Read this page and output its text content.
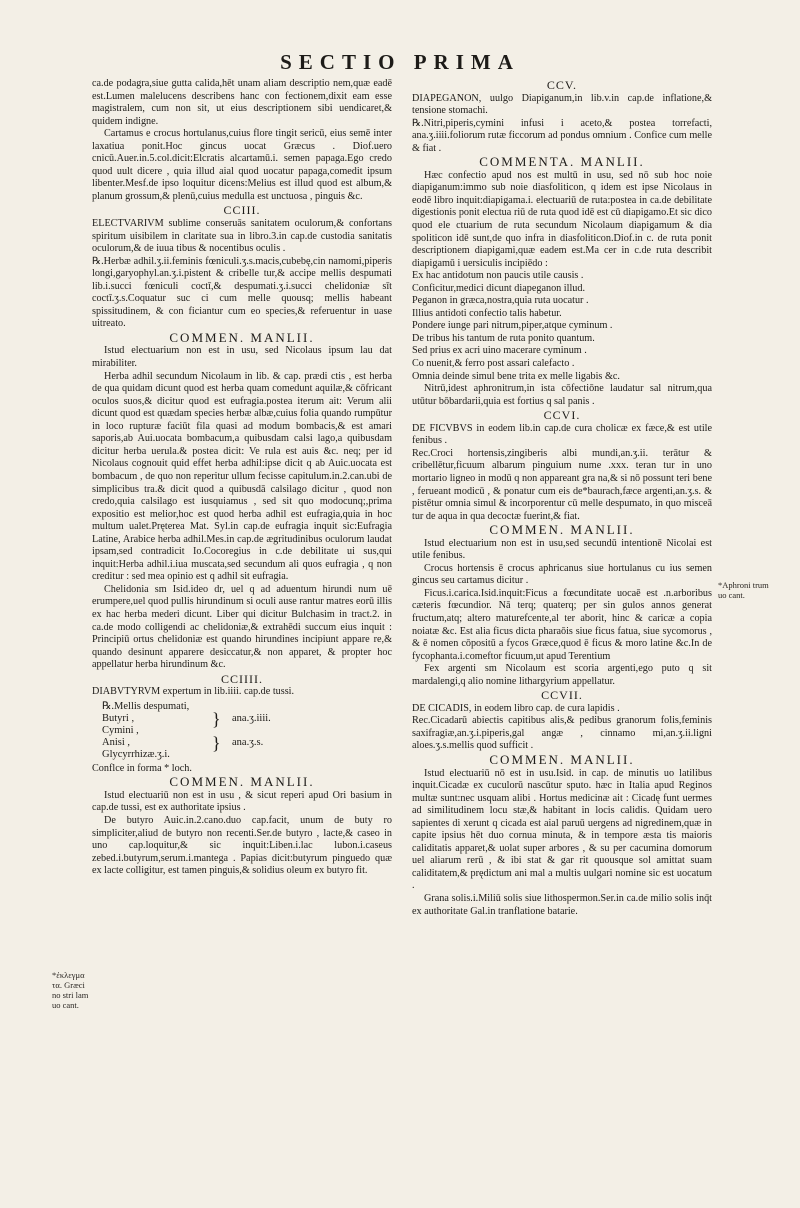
SECTIO PRIMA

ca.de podagra,siue gutta calida,hēt unam aliam descriptio nem,quæ eadē est.Lumen malelucens describens hanc con fectionem,dixit eam esse magistralem, cum non sit, ut eius descriptionem sibi uendicaret,& quidem indigne.

Cartamus e crocus hortulanus,cuius flore tingit sericū, eius semē inter laxatiua ponit.Hoc gincus uocat Græcus . Diof.uero cnicū.Auer.in.5.col.dicit:Elcratis alcartamū.i. semen papaga.Ego credo quod uult dicere , quia illud aial quod uocatur papaga,comedit ipsum libenter.Mesf.de ipso loquitur dicens:Melius est illud quod est album,& planum grossum,& plenū,cuius medulla est unctuosa , pinguis &c.

CCIII.

ELECTVARIVM sublime conseruās sanitatem oculorum,& confortans spiritum uisibilem in claritate sua in libro.3.in cap.de custodia sanitatis oculorum,& de iuua tibus & nocentibus oculis .

℞.Herbæ adhil.ʒ.ii.feminis fœniculi.ʒ.s.macis,cubebę,cin namomi,piperis longi,garyophyl.an.ʒ.i.pistent & cribelle tur,& accipe mellis despumati lib.i.succi fœniculi coctī,& despumati.ʒ.i.succi chelidoniæ sīt coctī.ʒ.s.Coquatur suc ci cum melle quousq; mellis habeant spissitudinem, & con ficiantur cum eo species,& referuentur in uase uitreato.

COMMEN. MANLII.

Istud electuarium non est in usu, sed Nicolaus ipsum lau dat mirabiliter.

Herba adhil secundum Nicolaum in lib. & cap. prædi ctis , est herba de qua quidam dicunt quod est herba quam comedunt aquilæ,& cōfricant oculos suos,& dicitur quod est eufragia.postea iterum ait: Verum alii dicunt quod est quædam species herbæ albæ,cuius folia quando rumpūtur in loco rupturæ faciūt fila quasi ad modum bombacis,& est amari saporis,ab Aui.uocata bombacum,a quibusdam calsi lago,a quibusdam dicitur herba uerula.& postea dicit: Ve rula est auis &c. neq; per id Nicolaus cognouit quid effet herba adhil:ipse dicit q ab Auic.uocata est bombacum , de quo non reperitur ullum fecisse capitulum.in.2.can.ubi de simplicibus tra.& dicit quod a quibusdā calsilago dicitur , quod non credo,quia calsilago est iusquiamus , sed sit quo modocunq;,prima expositio est melior,hoc est quod herba adhil est eufragia,quia in hoc multum ualet.Pręterea Mat. Syl.in cap.de eufragia inquit sic:Eufragia Latine, Arabice herba adhil.Mes.in cap.de ægritudinibus oculorum laudat ipsam,sed contradicit Io.Cocoregius in c.de debilitate ui sus,qui inquit:Herba adhil.i.iua muscata,sed secundum ali quos eufragia , q non creditur : sed mea opinio est q adhil sit eufragia.

Chelidonia sm Isid.ideo dr, uel q ad aduentum hirundi num uē erumpere,uel quod pullis hirundinum si oculi ause rantur matres eorū illis ex hac herba mederi dicunt. Liber qui dicitur Bulchasim in tract.2. in ca.de modo colligendi ac chelidoniæ,& extrahēdi succum eius inquit : Principiū ortus chelidoniæ est quando hirundines incipiunt appare re,& quando desinunt apparere desiccatur,& non apparet, & propter hoc appellatur herba hirundinum &c.

CCIIII.

DIABVTYRVM expertum in lib.iiii. cap.de tussi.

℞.Mellis despumati,
Butyri ,	}	ana.ʒ.iiii.
Cymini ,
Anisi ,	}	ana.ʒ.s.
Glycyrrhizæ.ʒ.i.

Conflce in forma * loch.

COMMEN. MANLII.

Istud electuariū non est in usu , & sicut reperi apud Ori basium in cap.de tussi, est ex authoritate ipsius .

De butyro Auic.in.2.cano.duo cap.facit, unum de buty ro simpliciter,aliud de butyro non recenti.Ser.de butyro , lacte,& caseo in uno cap.loquitur,& sic inquit:Liben.i.lac lubon.i.caseus zebed.i.butyrum,serum.i.mantega . Papias dicit:butyrum pinguedo quæ ex lacte colligitur, est tamen pinguis,& solidius oleum ex butyro fit.

CCV.

DIAPEGANON, uulgo Diapiganum,in lib.v.in cap.de inflatione,& tensione stomachi.

℞.Nitri,piperis,cymini infusi i aceto,& postea torrefacti, ana.ʒ.iiii.foliorum rutæ ficcorum ad pondus omnium . Confice cum melle & fiat .

COMMENTA. MANLII.

Hæc confectio apud nos est multū in usu, sed nō sub hoc noie diapiganum:immo sub noie diasfoliticon, q idem est ipse Nicolaus in eodē libro inquit:diapigama.i. electuariū de ruta:postea in ca.de debilitate digestionis ponit electua riū de ruta quod idē est cū diapigamo.Et sic dico quod ele ctuarium de ruta secundum Nicolaum diapigamum & dia spoliticon idē sunt,de quo infra in diasfoliticon.Diof.in c. de ruta ponit descriptionem diapigami,quæ eadem est.Ma cer in c.de ruta describit diapigamū i uersiculis incipiēdo :

Ex hac antidotum non paucis utile causis .

Conficitur,medici dicunt diapeganon illud.

Peganon in græca,nostra,quia ruta uocatur .

Illius antidoti confectio talis habetur.

Pondere iunge pari nitrum,piper,atque cyminum .

De tribus his tantum de ruta ponito quantum.

Sed prius ex acri uino macerare cyminum .

Co nuenit,& ferro post assari calefacto .

Omnia deinde simul bene trita ex melle ligabis &c.

Nitrū,idest aphronitrum,in ista cōfectiōne laudatur sal nitrum,qua utūtur bōbardarii,quia est fortius q sal panis .

CCVI.

DE FICVBVS in eodem lib.in cap.de cura cholicæ ex fæce,& est utile fenibus .

Rec.Croci hortensis,zingiberis albi mundi,an.ʒ.ii. terātur & cribellētur,ficuum albarum pinguium nume .xxx. teran tur in uno mortario ligneo in modū q non appareant gra na,& si nō possunt teri bene , ferueant modicū , & ponatur cum eis de*baurach,fæce argenti,an.ʒ.s. & pistētur omnia simul & incorporentur cū melle despumato, in quo misceā tur de aqua in qua decoctæ fuerint,& fiat.

COMMEN. MANLII.

Istud electuarium non est in usu,sed secundū intentionē Nicolai est utile fenibus.

Crocus hortensis ē crocus aphricanus siue hortulanus cu ius semen gincus seu cartamus dicitur .

Ficus.i.carica.Isid.inquit:Ficus a fœcunditate uocaē est .n.arboribus cæteris fœcundior. Nā terq; quaterq; per sin gulos annos generat fructum,atq; altero maturefcente,al ter aborit, hinc & caricæ a copia noiatæ &c. Est alia ficus dicta pharaōis siue ficus fatua, siue sycomorus , & ē nomen cōpositū a fycos Græce,quod ē ficus & moro latine &c.In de fycophanta.i.comeftor ficuum,ut apud Terentium

Fex argenti sm Nicolaum est scoria argenti,ego puto q sit mardalengi,q alio nomine lithargyrium appellatur.

CCVII.

DE CICADIS, in eodem libro cap. de cura lapidis .

Rec.Cicadarū abiectis capitibus alis,& pedibus granorum folis,feminis saxifragiæ,an.ʒ.i.piperis,gal angæ , cinnamo mi,an.ʒ.ii.ligni aloes.ʒ.s.mellis quod sufficit .

COMMEN. MANLII.

Istud electuariū nō est in usu.Isid. in cap. de minutis uo latilibus inquit.Cicadæ ex cuculorū nascūtur sputo. hæc in Italia apud Reginos multæ sunt:nec usquam alibi . Hortus medicinæ ait : Cicadę funt uermes ad similitudinem locu stæ,& habitant in locis calidis. Quidam uero sapientes di xerunt q cicada est aial paruū uergens ad nigredinem,quæ in capite ipsius hēt duo cornua minuta, & in tempore æsta tis maioris caliditatis apparet,& uolat super arbores , & su per cacumina domorum uel aliarum rerū , & ibi stat & gar rit quousque sol amittat suam caliditatem,& prędictum ani mal a multis uulgari nomine sic est uocatum .

Grana solis.i.Miliū solis siue lithospermon.Ser.in ca.de milio solis inq̄t ex authoritate Gal.in tranflatione batarie.

*ἐκλεγμα τα. Græci no stri lam uo cant.
*Aphroni trum uo cant.
